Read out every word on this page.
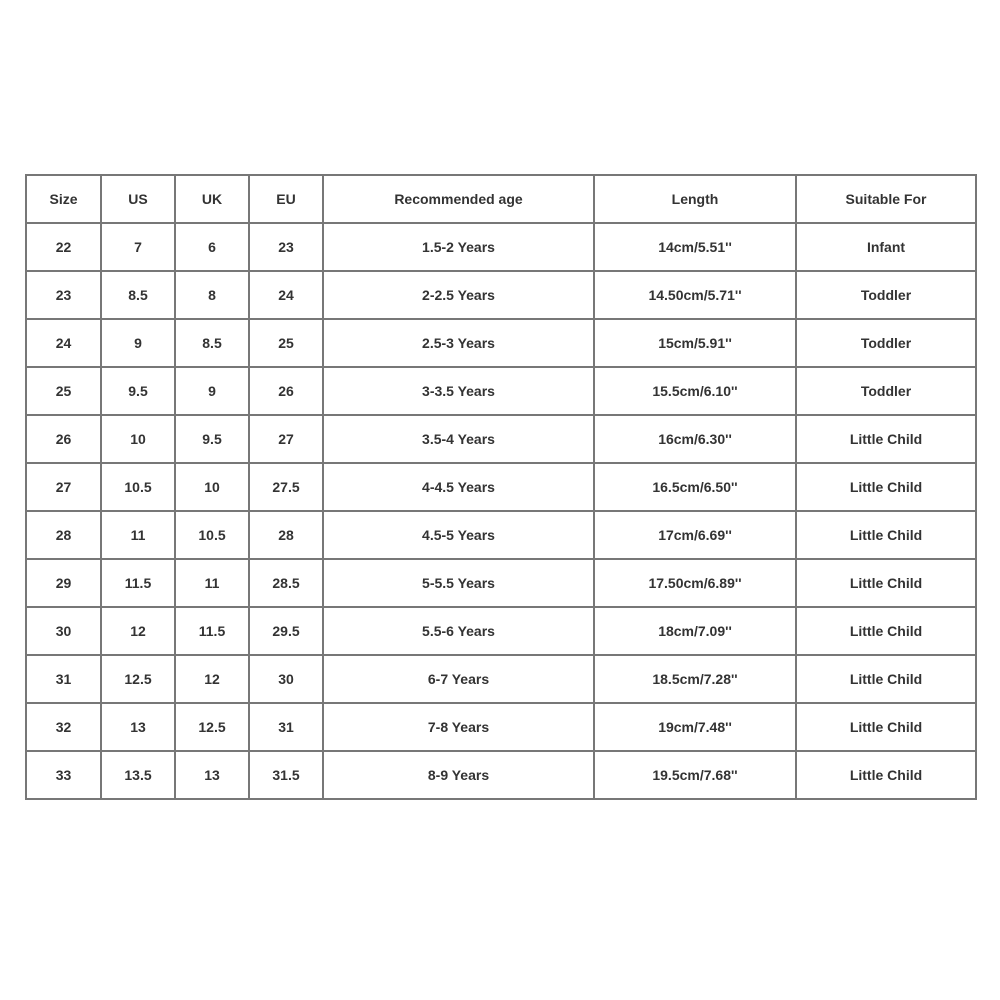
Size	US	UK	EU	Recommended age	Length	Suitable For
22	7	6	23	1.5-2 Years	14cm/5.51''	Infant
23	8.5	8	24	2-2.5 Years	14.50cm/5.71''	Toddler
24	9	8.5	25	2.5-3 Years	15cm/5.91''	Toddler
25	9.5	9	26	3-3.5 Years	15.5cm/6.10''	Toddler
26	10	9.5	27	3.5-4 Years	16cm/6.30''	Little Child
27	10.5	10	27.5	4-4.5 Years	16.5cm/6.50''	Little Child
28	11	10.5	28	4.5-5 Years	17cm/6.69''	Little Child
29	11.5	11	28.5	5-5.5 Years	17.50cm/6.89''	Little Child
30	12	11.5	29.5	5.5-6 Years	18cm/7.09''	Little Child
31	12.5	12	30	6-7 Years	18.5cm/7.28''	Little Child
32	13	12.5	31	7-8 Years	19cm/7.48''	Little Child
33	13.5	13	31.5	8-9 Years	19.5cm/7.68''	Little Child
